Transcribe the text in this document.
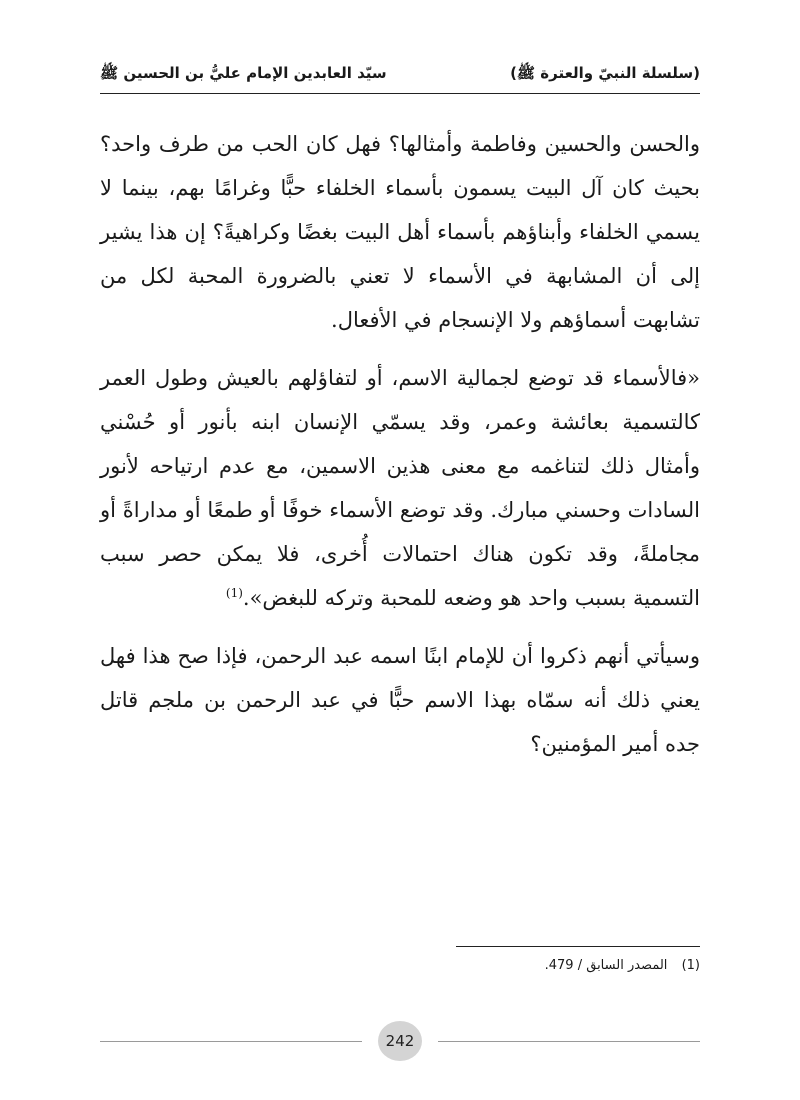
(سلسلة النبيّ والعترة ﷺ)
سيّد العابدين الإمام عليُّ بن الحسين ﷺ

والحسن والحسين وفاطمة وأمثالها؟ فهل كان الحب من طرف واحد؟ بحيث كان آل البيت يسمون بأسماء الخلفاء حبًّا وغرامًا بهم، بينما لا يسمي الخلفاء وأبناؤهم بأسماء أهل البيت بغضًا وكراهيةً؟ إن هذا يشير إلى أن المشابهة في الأسماء لا تعني بالضرورة المحبة لكل من تشابهت أسماؤهم ولا الإنسجام في الأفعال.

«فالأسماء قد توضع لجمالية الاسم، أو لتفاؤلهم بالعيش وطول العمر كالتسمية بعائشة وعمر، وقد يسمّي الإنسان ابنه بأنور أو حُسْني وأمثال ذلك لتناغمه مع معنى هذين الاسمين، مع عدم ارتياحه لأنور السادات وحسني مبارك. وقد توضع الأسماء خوفًا أو طمعًا أو مداراةً أو مجاملةً، وقد تكون هناك احتمالات أُخرى، فلا يمكن حصر سبب التسمية بسبب واحد هو وضعه للمحبة وتركه للبغض».$^{(1)}$

وسيأتي أنهم ذكروا أن للإمام ابنًا اسمه عبد الرحمن، فإذا صح هذا فهل يعني ذلك أنه سمّاه بهذا الاسم حبًّا في عبد الرحمن بن ملجم قاتل جده أمير المؤمنين؟

(1) المصدر السابق / 479.
242
